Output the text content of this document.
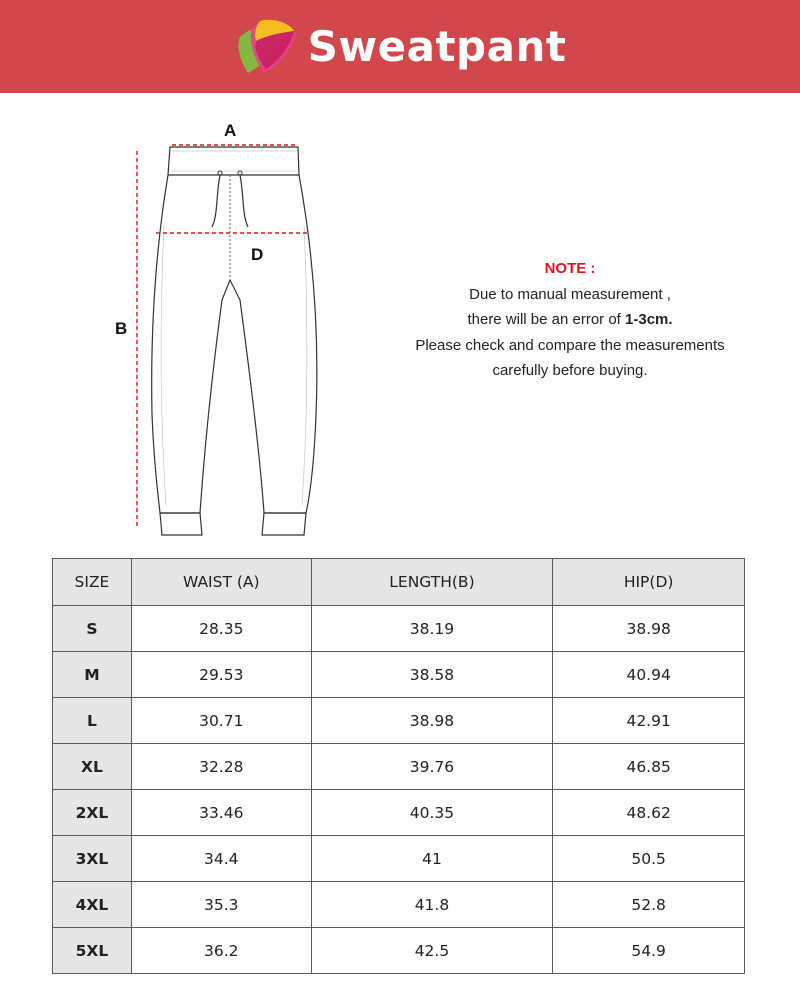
Sweatpant
A
B
D
NOTE :
Due to manual measurement ,
there will be an error of 1-3cm.
Please check and compare the measurements
carefully before buying.
SIZE	WAIST (A)	LENGTH(B)	HIP(D)
S	28.35	38.19	38.98
M	29.53	38.58	40.94
L	30.71	38.98	42.91
XL	32.28	39.76	46.85
2XL	33.46	40.35	48.62
3XL	34.4	41	50.5
4XL	35.3	41.8	52.8
5XL	36.2	42.5	54.9
